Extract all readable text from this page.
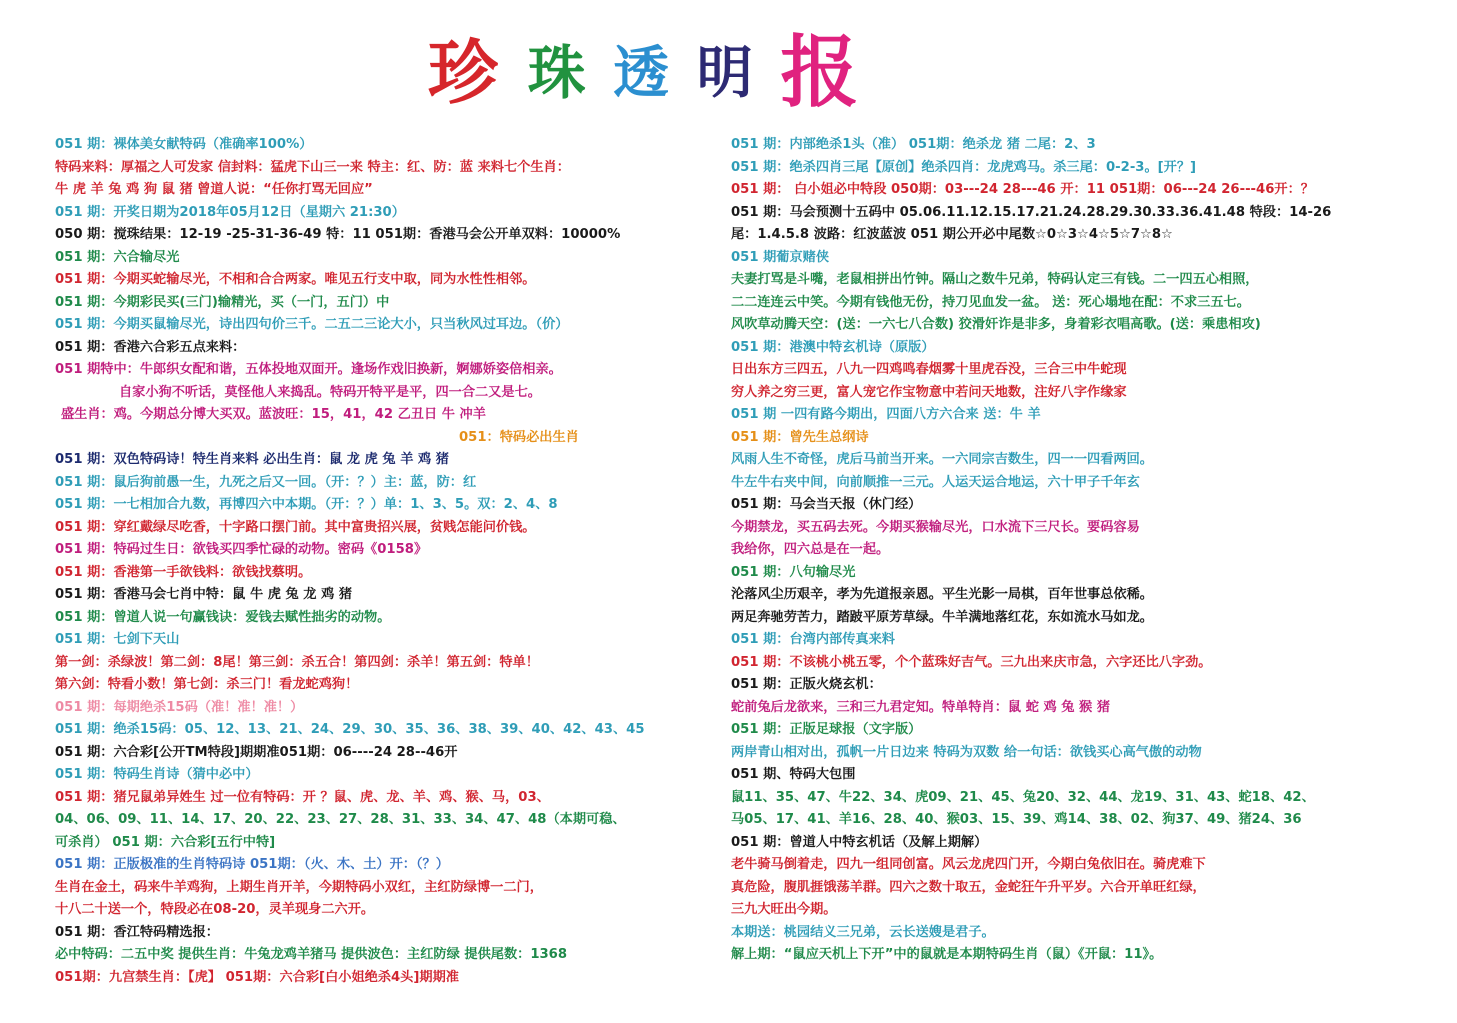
珍 珠 透 明 报
051 期：裸体美女献特码（准确率100%）
特码来料：厚福之人可发家 信封料：猛虎下山三一来 特主：红、防：蓝 来料七个生肖：
牛 虎 羊 兔 鸡 狗 鼠 猪 曾道人说：“任你打骂无回应”
051 期：开奖日期为2018年05月12日（星期六 21:30）
050 期：搅珠结果：12-19 -25-31-36-49 特：11 051期：香港马会公开单双料：10000%
051 期：六合输尽光
051 期：今期买蛇输尽光，不相和合合两家。唯见五行支中取，同为水性性相邻。
051 期：今期彩民买(三门)输精光，买（一门，五门）中
051 期：今期买鼠输尽光，诗出四句价三千。二五二三论大小，只当秋风过耳边。（价）
051 期：香港六合彩五点来料：
051 期特中：牛郎织女配和谐，五体投地双面开。逢场作戏旧换新，婀娜娇姿倍相亲。
自家小狗不听话，莫怪他人来捣乱。特码开特平是平，四一合二又是七。
盛生肖：鸡。今期总分博大买双。蓝波旺：15，41，42 乙丑日 牛 冲羊
051：特码必出生肖
051 期：双色特码诗！特生肖来料 必出生肖：鼠 龙 虎 兔 羊 鸡 猪
051 期：鼠后狗前愚一生，九死之后又一回。（开：？）主：蓝，防：红
051 期：一七相加合九数，再博四六中本期。（开：？）单：1、3、5。双：2、4、8
051 期：穿红戴绿尽吃香，十字路口摆门前。其中富贵招兴展，贫贱怎能问价钱。
051 期：特码过生日：欲钱买四季忙碌的动物。密码《0158》
051 期：香港第一手欲钱料：欲钱找蔡明。
051 期：香港马会七肖中特：鼠 牛 虎 兔 龙 鸡 猪
051 期：曾道人说一句赢钱诀：爱钱去赋性拙劣的动物。
051 期：七剑下天山
第一剑：杀绿波！第二剑：8尾！第三剑：杀五合！第四剑：杀羊！第五剑：特单！
第六剑：特看小数！第七剑：杀三门！看龙蛇鸡狗！
051 期：每期绝杀15码（准！准！准！）
051 期：绝杀15码：05、12、13、21、24、29、30、35、36、38、39、40、42、43、45
051 期：六合彩[公开TM特段]期期准051期：06----24 28--46开
051 期：特码生肖诗（猜中必中）
051 期：猪兄鼠弟异姓生 过一位有特码：开 ？鼠、虎、龙、羊、鸡、猴、马，03、
04、06、09、11、14、17、20、22、23、27、28、31、33、34、47、48（本期可稳、
可杀肖） 051 期：六合彩[五行中特]
051 期：正版极准的生肖特码诗 051期：（火、木、土）开：（？）
生肖在金土，码来牛羊鸡狗，上期生肖开羊，今期特码小双红，主红防绿博一二门，
十八二十送一个，特段必在08-20，灵羊现身二六开。
051 期：香江特码精选报：
必中特码：二五中奖 提供生肖：牛兔龙鸡羊猪马 提供波色：主红防绿 提供尾数：1368
051期：九宫禁生肖：【虎】 051期：六合彩[白小姐绝杀4头]期期准
051 期：内部绝杀1头（准） 051期：绝杀龙 猪 二尾：2、3
051 期：绝杀四肖三尾【原创】绝杀四肖：龙虎鸡马。杀三尾：0-2-3。[开？]
051 期： 白小姐必中特段 050期：03---24 28---46 开：11 051期：06---24 26---46开：？
051 期：马会预测十五码中 05.06.11.12.15.17.21.24.28.29.30.33.36.41.48 特段：14-26
尾：1.4.5.8 波路：红波蓝波 051 期公开必中尾数☆0☆3☆4☆5☆7☆8☆
051 期葡京赌侠
夫妻打骂是斗嘴，老鼠相拼出竹钟。隔山之数牛兄弟，特码认定三有钱。二一四五心相照，
二二连连云中笑。今期有钱他无份，持刀见血发一盆。 送：死心塌地在配：不求三五七。
风吹草动腾天空：(送：一六七八合数) 狡滑奸诈是非多，身着彩衣唱高歌。(送：乘患相攻)
051 期：港澳中特玄机诗（原版）
日出东方三四五，八九一四鸡鸣春烟雾十里虎吞没，三合三中牛蛇现
穷人养之穷三更，富人宠它作宝物意中若问天地数，注好八字作缘家
051 期 一四有路今期出，四面八方六合来 送：牛 羊
051 期：曾先生总纲诗
风雨人生不奇怪，虎后马前当开来。一六同宗吉数生，四一一四看两回。
牛左牛右夹中间，向前顺推一三元。人运天运合地运，六十甲子千年玄
051 期：马会当天报（休门经）
今期禁龙，买五码去死。今期买猴输尽光，口水流下三尺长。要码容易
我给你，四六总是在一起。
051 期：八句输尽光
沦落风尘历艰辛，孝为先道报亲恩。平生光影一局棋，百年世事总依稀。
两足奔驰劳苦力，踏跛平原芳草绿。牛羊满地落红花，东如流水马如龙。
051 期：台湾内部传真来料
051 期：不该桃小桃五零，个个蓝珠好吉气。三九出来庆市急，六字还比八字劲。
051 期：正版火烧玄机：
蛇前兔后龙欲来，三和三九君定知。特单特肖：鼠 蛇 鸡 兔 猴 猪
051 期：正版足球报（文字版）
两岸青山相对出，孤帆一片日边来 特码为双数 给一句话：欲钱买心高气傲的动物
051 期、特码大包围
鼠11、35、47、牛22、34、虎09、21、45、兔20、32、44、龙19、31、43、蛇18、42、
马05、17、41、羊16、28、40、猴03、15、39、鸡14、38、02、狗37、49、猪24、36
051 期：曾道人中特玄机话（及解上期解）
老牛骑马倒着走，四九一组同创富。风云龙虎四门开，今期白兔依旧在。骑虎难下
真危险，腹肌捱饿荡羊群。四六之数十取五，金蛇狂午升平岁。六合开单旺红绿，
三九大旺出今期。
本期送：桃园结义三兄弟，云长送嫂是君子。
解上期：“鼠应天机上下开”中的鼠就是本期特码生肖（鼠）《开鼠：11》。
